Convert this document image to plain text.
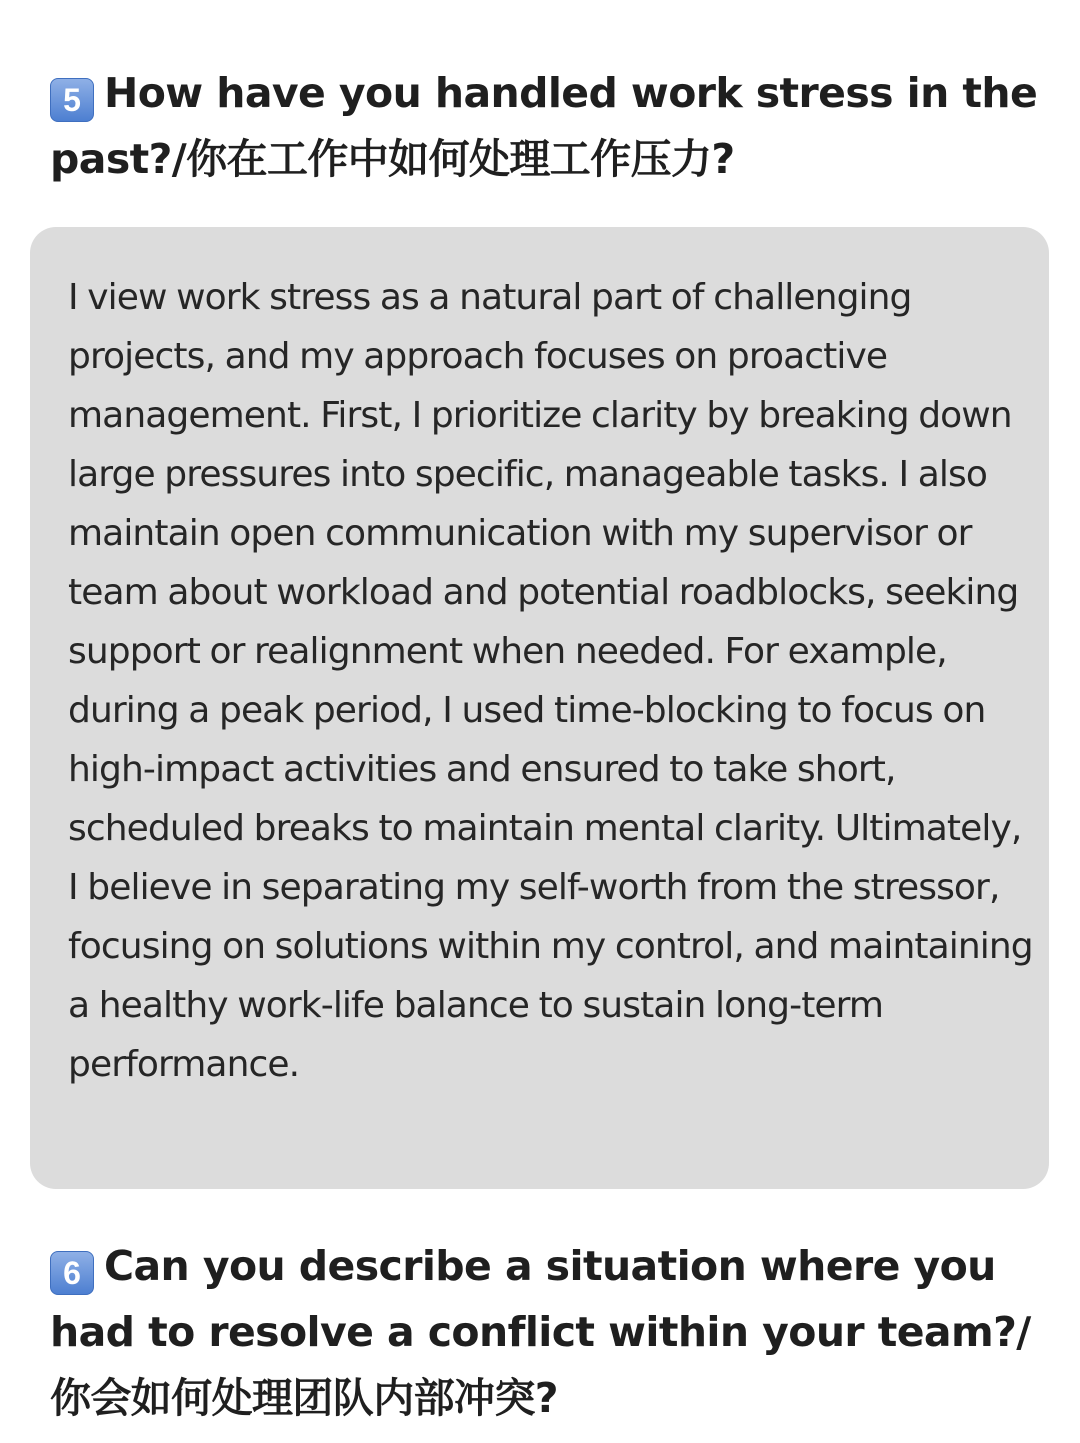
5 How have you handled work stress in the past?/你在工作中如何处理工作压力?

I view work stress as a natural part of challenging projects, and my approach focuses on proactive management. First, I prioritize clarity by breaking down large pressures into specific, manageable tasks. I also maintain open communication with my supervisor or team about workload and potential roadblocks, seeking support or realignment when needed. For example, during a peak period, I used time-blocking to focus on high-impact activities and ensured to take short, scheduled breaks to maintain mental clarity. Ultimately, I believe in separating my self-worth from the stressor, focusing on solutions within my control, and maintaining a healthy work-life balance to sustain long-term performance.

6 Can you describe a situation where you had to resolve a conflict within your team?/你会如何处理团队内部冲突?
